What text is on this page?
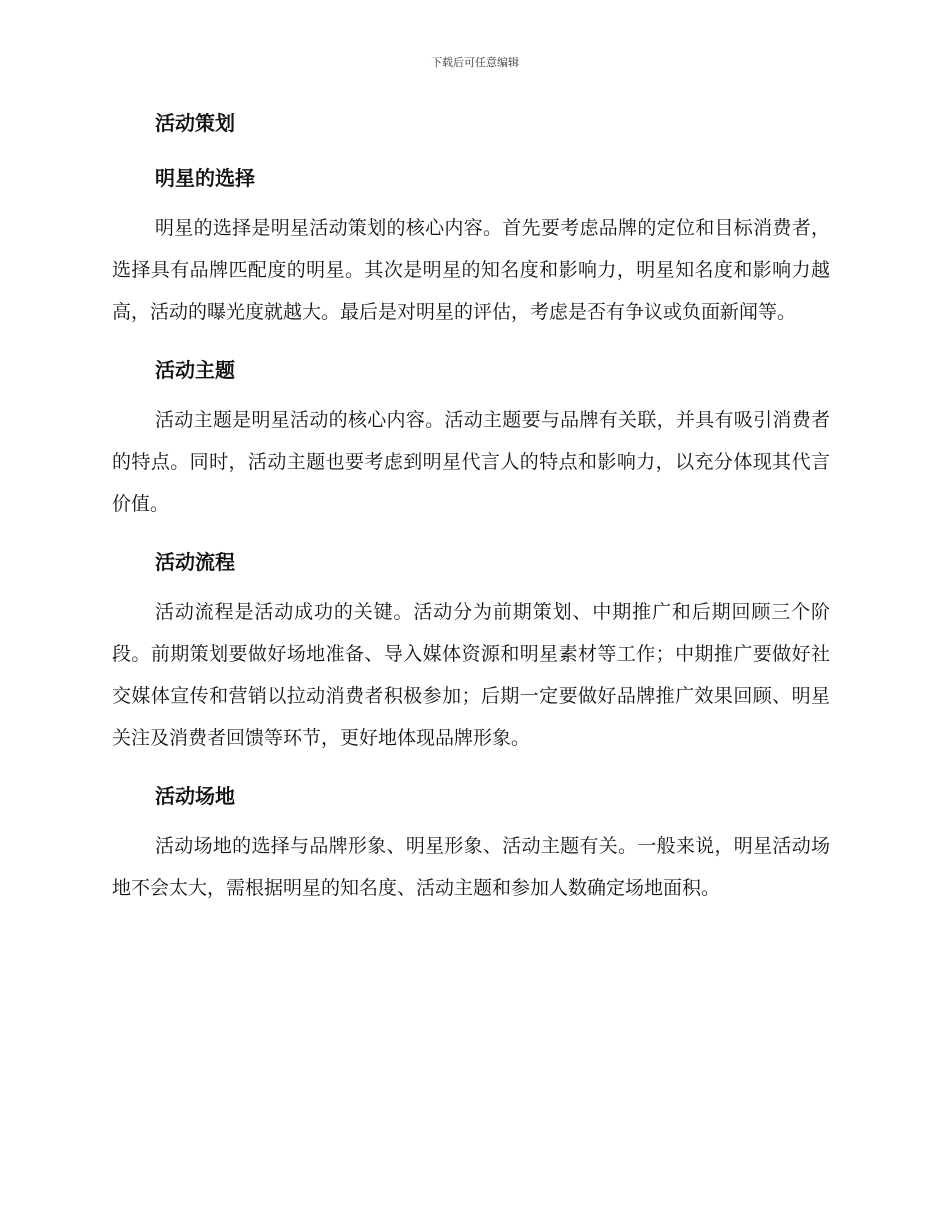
下载后可任意编辑
活动策划
明星的选择

明星的选择是明星活动策划的核心内容。首先要考虑品牌的定位和目标消费者，选择具有品牌匹配度的明星。其次是明星的知名度和影响力，明星知名度和影响力越高，活动的曝光度就越大。最后是对明星的评估，考虑是否有争议或负面新闻等。

活动主题

活动主题是明星活动的核心内容。活动主题要与品牌有关联，并具有吸引消费者的特点。同时，活动主题也要考虑到明星代言人的特点和影响力，以充分体现其代言价值。

活动流程

活动流程是活动成功的关键。活动分为前期策划、中期推广和后期回顾三个阶段。前期策划要做好场地准备、导入媒体资源和明星素材等工作；中期推广要做好社交媒体宣传和营销以拉动消费者积极参加；后期一定要做好品牌推广效果回顾、明星关注及消费者回馈等环节，更好地体现品牌形象。

活动场地

活动场地的选择与品牌形象、明星形象、活动主题有关。一般来说，明星活动场地不会太大，需根据明星的知名度、活动主题和参加人数确定场地面积。
